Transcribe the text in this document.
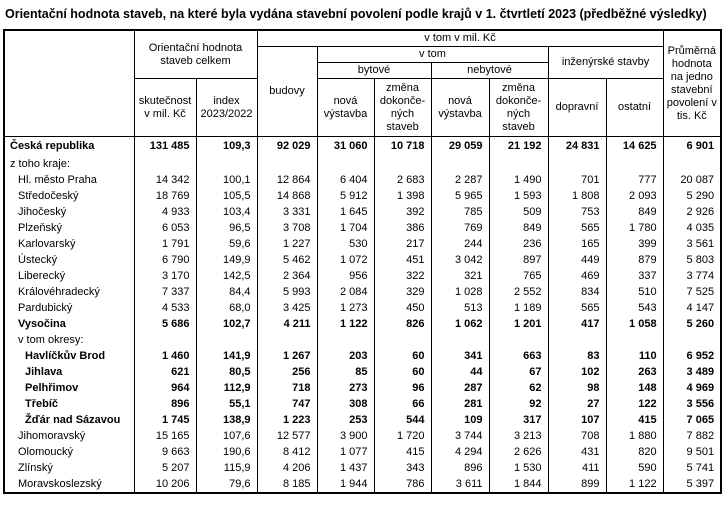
Orientační hodnota staveb, na které byla vydána stavební povolení podle krajů v 1. čtvrtletí 2023 (předběžné výsledky)
	Orientační hodnota staveb celkem		v tom v mil. Kč							Průměrná hodnota na jedno stavební povolení v tis. Kč
			budovy	v tom				inženýrské stavby		
				bytové		nebytové				
	skutečnost v mil. Kč	index 2023/2022		nová výstavba	změna dokonče-ných staveb	nová výstavba	změna dokonče-ných staveb	dopravní	ostatní	
Česká republika	131 485	109,3	92 029	31 060	10 718	29 059	21 192	24 831	14 625	6 901
z toho kraje:										
Hl. město Praha	14 342	100,1	12 864	6 404	2 683	2 287	1 490	701	777	20 087
Středočeský	18 769	105,5	14 868	5 912	1 398	5 965	1 593	1 808	2 093	5 290
Jihočeský	4 933	103,4	3 331	1 645	392	785	509	753	849	2 926
Plzeňský	6 053	96,5	3 708	1 704	386	769	849	565	1 780	4 035
Karlovarský	1 791	59,6	1 227	530	217	244	236	165	399	3 561
Ústecký	6 790	149,9	5 462	1 072	451	3 042	897	449	879	5 803
Liberecký	3 170	142,5	2 364	956	322	321	765	469	337	3 774
Královéhradecký	7 337	84,4	5 993	2 084	329	1 028	2 552	834	510	7 525
Pardubický	4 533	68,0	3 425	1 273	450	513	1 189	565	543	4 147
Vysočina	5 686	102,7	4 211	1 122	826	1 062	1 201	417	1 058	5 260
v tom okresy:										
Havlíčkův Brod	1 460	141,9	1 267	203	60	341	663	83	110	6 952
Jihlava	621	80,5	256	85	60	44	67	102	263	3 489
Pelhřimov	964	112,9	718	273	96	287	62	98	148	4 969
Třebíč	896	55,1	747	308	66	281	92	27	122	3 556
Žďár nad Sázavou	1 745	138,9	1 223	253	544	109	317	107	415	7 065
Jihomoravský	15 165	107,6	12 577	3 900	1 720	3 744	3 213	708	1 880	7 882
Olomoucký	9 663	190,6	8 412	1 077	415	4 294	2 626	431	820	9 501
Zlínský	5 207	115,9	4 206	1 437	343	896	1 530	411	590	5 741
Moravskoslezský	10 206	79,6	8 185	1 944	786	3 611	1 844	899	1 122	5 397
